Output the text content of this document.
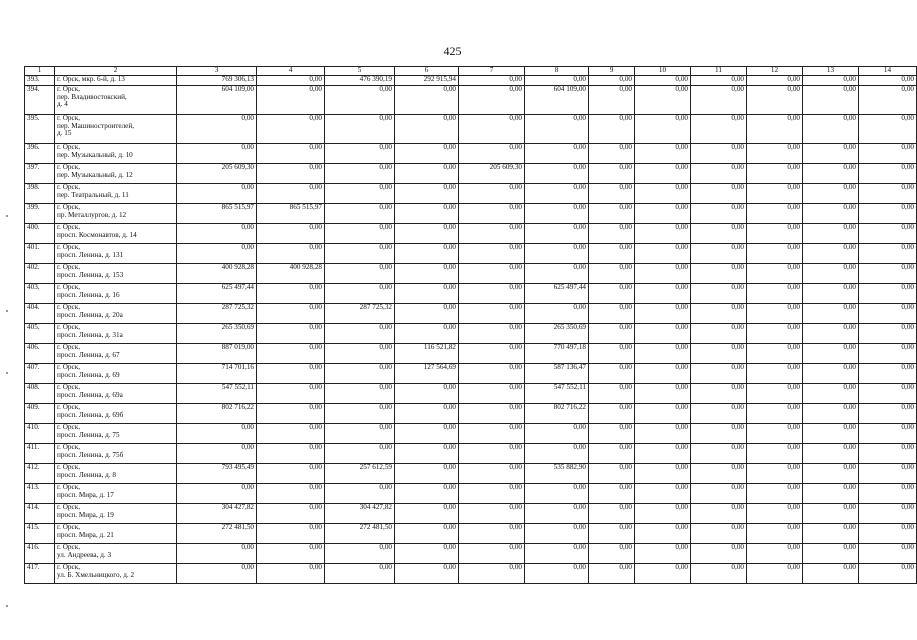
425
1	2	3	4	5	6	7	8	9	10	11	12	13	14
393.	г. Орск, мкр. 6-й, д. 13	769 306,13	0,00	476 390,19	292 915,94	0,00	0,00	0,00	0,00	0,00	0,00	0,00	0,00
394.	г. Орск,
пер. Владивостокский,
д. 4	604 109,00	0,00	0,00	0,00	0,00	604 109,00	0,00	0,00	0,00	0,00	0,00	0,00
395.	г. Орск,
пер. Машиностроителей,
д. 15	0,00	0,00	0,00	0,00	0,00	0,00	0,00	0,00	0,00	0,00	0,00	0,00
396.	г. Орск,
пер. Музыкальный, д. 10	0,00	0,00	0,00	0,00	0,00	0,00	0,00	0,00	0,00	0,00	0,00	0,00
397.	г. Орск,
пер. Музыкальный, д. 12	205 609,30	0,00	0,00	0,00	205 609,30	0,00	0,00	0,00	0,00	0,00	0,00	0,00
398.	г. Орск,
пер. Театральный, д. 11	0,00	0,00	0,00	0,00	0,00	0,00	0,00	0,00	0,00	0,00	0,00	0,00
399.	г. Орск,
пр. Металлургов, д. 12	865 515,97	865 515,97	0,00	0,00	0,00	0,00	0,00	0,00	0,00	0,00	0,00	0,00
400.	г. Орск,
просп. Космонавтов, д. 14	0,00	0,00	0,00	0,00	0,00	0,00	0,00	0,00	0,00	0,00	0,00	0,00
401.	г. Орск,
просп. Ленина, д. 131	0,00	0,00	0,00	0,00	0,00	0,00	0,00	0,00	0,00	0,00	0,00	0,00
402.	г. Орск,
просп. Ленина, д. 153	400 928,28	400 928,28	0,00	0,00	0,00	0,00	0,00	0,00	0,00	0,00	0,00	0,00
403.	г. Орск,
просп. Ленина, д. 16	625 497,44	0,00	0,00	0,00	0,00	625 497,44	0,00	0,00	0,00	0,00	0,00	0,00
404.	г. Орск,
просп. Ленина, д. 20а	287 725,32	0,00	287 725,32	0,00	0,00	0,00	0,00	0,00	0,00	0,00	0,00	0,00
405.	г. Орск,
просп. Ленина, д. 31а	265 350,69	0,00	0,00	0,00	0,00	265 350,69	0,00	0,00	0,00	0,00	0,00	0,00
406.	г. Орск,
просп. Ленина, д. 67	887 019,00	0,00	0,00	116 521,82	0,00	770 497,18	0,00	0,00	0,00	0,00	0,00	0,00
407.	г. Орск,
просп. Ленина, д. 69	714 701,16	0,00	0,00	127 564,69	0,00	587 136,47	0,00	0,00	0,00	0,00	0,00	0,00
408.	г. Орск,
просп. Ленина, д. 69а	547 552,11	0,00	0,00	0,00	0,00	547 552,11	0,00	0,00	0,00	0,00	0,00	0,00
409.	г. Орск,
просп. Ленина, д. 69б	802 716,22	0,00	0,00	0,00	0,00	802 716,22	0,00	0,00	0,00	0,00	0,00	0,00
410.	г. Орск,
просп. Ленина, д. 75	0,00	0,00	0,00	0,00	0,00	0,00	0,00	0,00	0,00	0,00	0,00	0,00
411.	г. Орск,
просп. Ленина, д. 75б	0,00	0,00	0,00	0,00	0,00	0,00	0,00	0,00	0,00	0,00	0,00	0,00
412.	г. Орск,
просп. Ленина, д. 8	793 495,49	0,00	257 612,59	0,00	0,00	535 882,90	0,00	0,00	0,00	0,00	0,00	0,00
413.	г. Орск,
просп. Мира, д. 17	0,00	0,00	0,00	0,00	0,00	0,00	0,00	0,00	0,00	0,00	0,00	0,00
414.	г. Орск,
просп. Мира, д. 19	304 427,82	0,00	304 427,82	0,00	0,00	0,00	0,00	0,00	0,00	0,00	0,00	0,00
415.	г. Орск,
просп. Мира, д. 21	272 481,50	0,00	272 481,50	0,00	0,00	0,00	0,00	0,00	0,00	0,00	0,00	0,00
416.	г. Орск,
ул. Андреева, д. 3	0,00	0,00	0,00	0,00	0,00	0,00	0,00	0,00	0,00	0,00	0,00	0,00
417.	г. Орск,
ул. Б. Хмельницкого, д. 2	0,00	0,00	0,00	0,00	0,00	0,00	0,00	0,00	0,00	0,00	0,00	0,00
